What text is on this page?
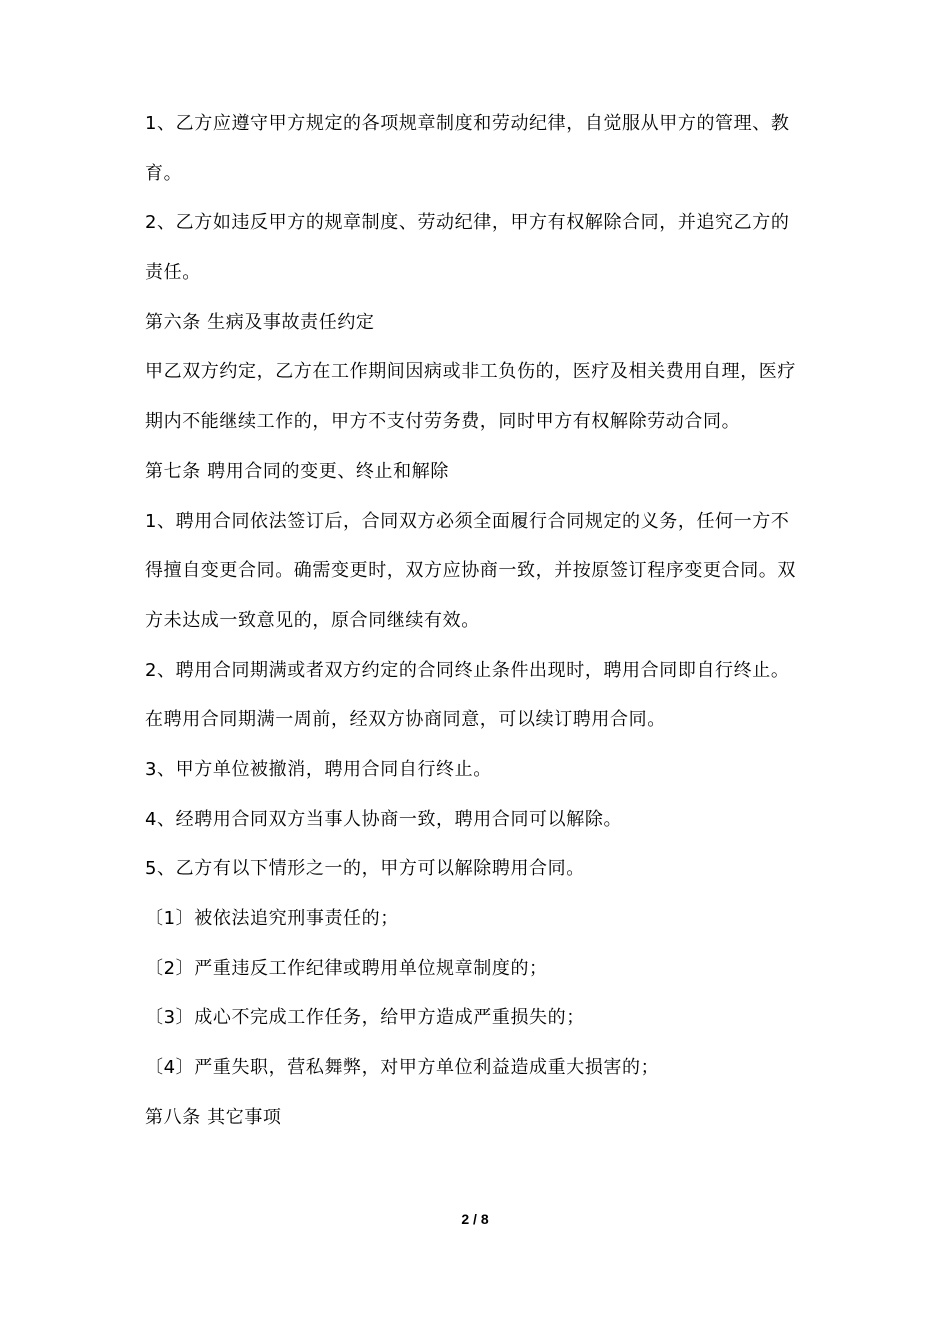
1、乙方应遵守甲方规定的各项规章制度和劳动纪律，自觉服从甲方的管理、教
育。
2、乙方如违反甲方的规章制度、劳动纪律，甲方有权解除合同，并追究乙方的
责任。
第六条 生病及事故责任约定
甲乙双方约定，乙方在工作期间因病或非工负伤的，医疗及相关费用自理，医疗
期内不能继续工作的，甲方不支付劳务费，同时甲方有权解除劳动合同。
第七条 聘用合同的变更、终止和解除
1、聘用合同依法签订后，合同双方必须全面履行合同规定的义务，任何一方不
得擅自变更合同。确需变更时，双方应协商一致，并按原签订程序变更合同。双
方未达成一致意见的，原合同继续有效。
2、聘用合同期满或者双方约定的合同终止条件出现时，聘用合同即自行终止。
在聘用合同期满一周前，经双方协商同意，可以续订聘用合同。
3、甲方单位被撤消，聘用合同自行终止。
4、经聘用合同双方当事人协商一致，聘用合同可以解除。
5、乙方有以下情形之一的，甲方可以解除聘用合同。
〔1〕被依法追究刑事责任的；
〔2〕严重违反工作纪律或聘用单位规章制度的；
〔3〕成心不完成工作任务，给甲方造成严重损失的；
〔4〕严重失职，营私舞弊，对甲方单位利益造成重大损害的；
第八条 其它事项
2 / 8
